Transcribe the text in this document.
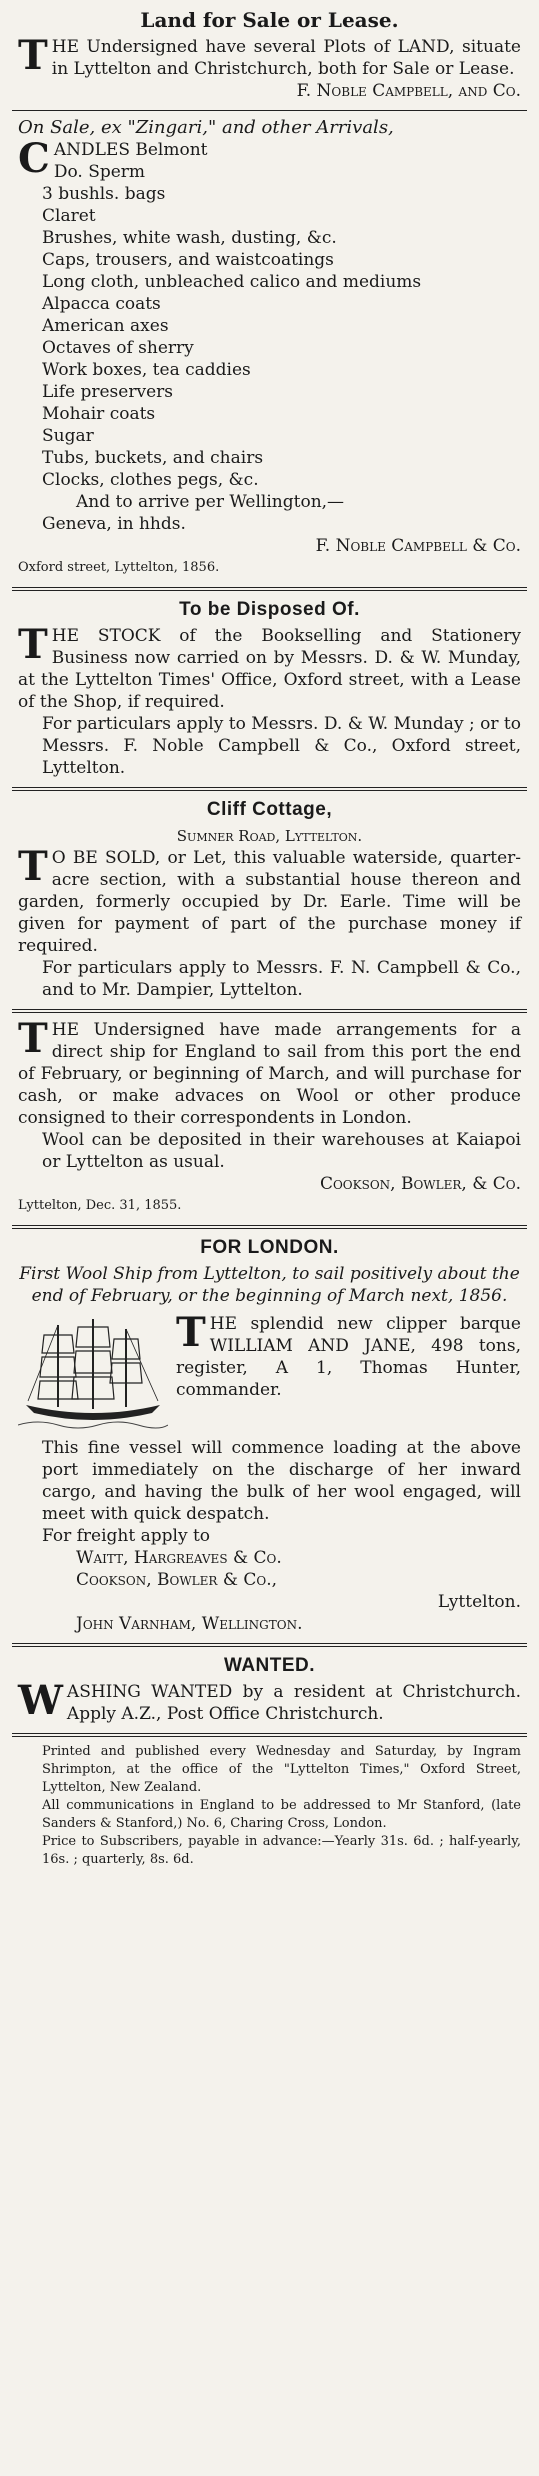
Land for Sale or Lease.

THE Undersigned have several Plots of LAND, situate in Lyttelton and Christchurch, both for Sale or Lease.

F. Noble Campbell, and Co.

On Sale, ex "Zingari," and other Arrivals,

CANDLES Belmont

Do. Sperm

3 bushls. bags

Claret

Brushes, white wash, dusting, &c.

Caps, trousers, and waistcoatings

Long cloth, unbleached calico and mediums

Alpacca coats

American axes

Octaves of sherry

Work boxes, tea caddies

Life preservers

Mohair coats

Sugar

Tubs, buckets, and chairs

Clocks, clothes pegs, &c.

And to arrive per Wellington,—

Geneva, in hhds.

F. Noble Campbell & Co.

Oxford street, Lyttelton, 1856.

To be Disposed Of.

THE STOCK of the Bookselling and Stationery Business now carried on by Messrs. D. & W. Munday, at the Lyttelton Times' Office, Oxford street, with a Lease of the Shop, if required.

For particulars apply to Messrs. D. & W. Munday ; or to Messrs. F. Noble Campbell & Co., Oxford street, Lyttelton.

Cliff Cottage,

Sumner Road, Lyttelton.

T O BE SOLD, or Let, this valuable waterside, quarter-acre section, with a substantial house thereon and garden, formerly occupied by Dr. Earle. Time will be given for payment of part of the purchase money if required.

For particulars apply to Messrs. F. N. Campbell & Co., and to Mr. Dampier, Lyttelton.

THE Undersigned have made arrangements for a direct ship for England to sail from this port the end of February, or beginning of March, and will purchase for cash, or make advaces on Wool or other produce consigned to their correspondents in London.

Wool can be deposited in their warehouses at Kaiapoi or Lyttelton as usual.

Cookson, Bowler, & Co.

Lyttelton, Dec. 31, 1855.

FOR LONDON.

First Wool Ship from Lyttelton, to sail positively about the end of February, or the beginning of March next, 1856.

THE splendid new clipper barque WILLIAM AND JANE, 498 tons, register, A 1, Thomas Hunter, commander.

This fine vessel will commence loading at the above port immediately on the discharge of her inward cargo, and having the bulk of her wool engaged, will meet with quick despatch.

For freight apply to

Waitt, Hargreaves & Co.

Cookson, Bowler & Co.,

Lyttelton.

John Varnham, Wellington.

WANTED.

WASHING WANTED by a resident at Christchurch. Apply A.Z., Post Office Christchurch.

Printed and published every Wednesday and Saturday, by Ingram Shrimpton, at the office of the "Lyttelton Times," Oxford Street, Lyttelton, New Zealand.

All communications in England to be addressed to Mr Stanford, (late Sanders & Stanford,) No. 6, Charing Cross, London.

Price to Subscribers, payable in advance:—Yearly 31s. 6d. ; half-yearly, 16s. ; quarterly, 8s. 6d.
